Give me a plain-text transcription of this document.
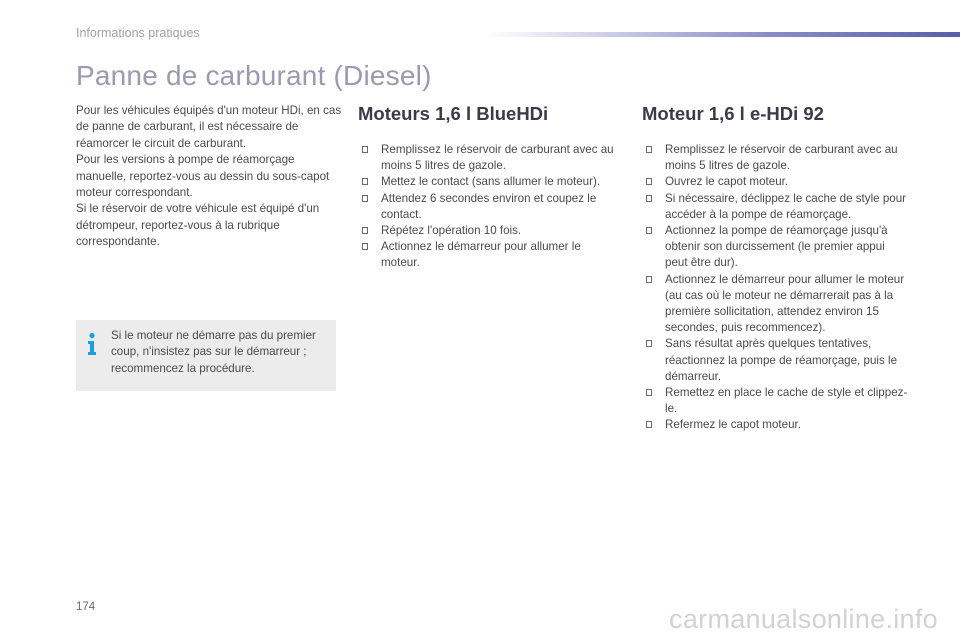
Informations pratiques
Panne de carburant (Diesel)

Pour les véhicules équipés d'un moteur HDi, en cas de panne de carburant, il est nécessaire de réamorcer le circuit de carburant.

Pour les versions à pompe de réamorçage manuelle, reportez-vous au dessin du sous-capot moteur correspondant.

Si le réservoir de votre véhicule est équipé d'un détrompeur, reportez-vous à la rubrique correspondante.

Si le moteur ne démarre pas du premier coup, n'insistez pas sur le démarreur ; recommencez la procédure.
Moteurs 1,6 l BlueHDi
Remplissez le réservoir de carburant avec au moins 5 litres de gazole.
Mettez le contact (sans allumer le moteur).
Attendez 6 secondes environ et coupez le contact.
Répétez l'opération 10 fois.
Actionnez le démarreur pour allumer le moteur.
Moteur 1,6 l e-HDi 92
Remplissez le réservoir de carburant avec au moins 5 litres de gazole.
Ouvrez le capot moteur.
Si nécessaire, déclippez le cache de style pour accéder à la pompe de réamorçage.
Actionnez la pompe de réamorçage jusqu'à obtenir son durcissement (le premier appui peut être dur).
Actionnez le démarreur pour allumer le moteur (au cas où le moteur ne démarrerait pas à la première sollicitation, attendez environ 15 secondes, puis recommencez).
Sans résultat après quelques tentatives, réactionnez la pompe de réamorçage, puis le démarreur.
Remettez en place le cache de style et clippez-le.
Refermez le capot moteur.
174	carmanualsonline.info
